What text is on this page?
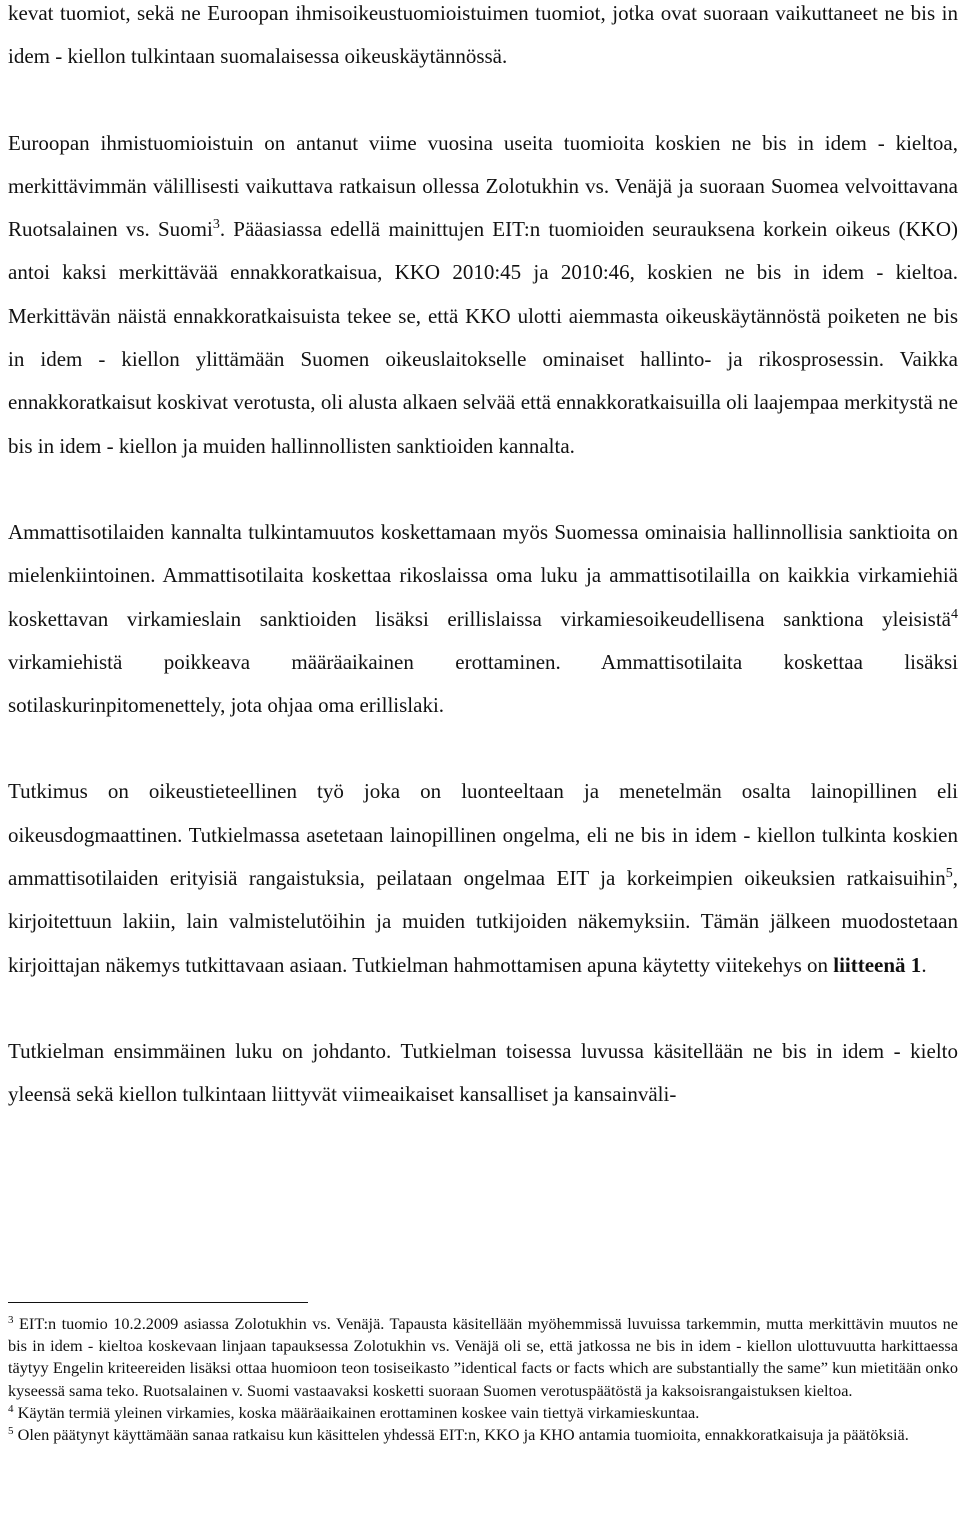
kevat tuomiot, sekä ne Euroopan ihmisoikeustuomioistuimen tuomiot, jotka ovat suoraan vaikuttaneet ne bis in idem - kiellon tulkintaan suomalaisessa oikeuskäytännössä.

Euroopan ihmistuomioistuin on antanut viime vuosina useita tuomioita koskien ne bis in idem - kieltoa, merkittävimmän välillisesti vaikuttava ratkaisun ollessa Zolotukhin vs. Venäjä ja suoraan Suomea velvoittavana Ruotsalainen vs. Suomi$^3$. Pääasiassa edellä mainittujen EIT:n tuomioiden seurauksena korkein oikeus (KKO) antoi kaksi merkittävää ennakkoratkaisua, KKO 2010:45 ja 2010:46, koskien ne bis in idem - kieltoa. Merkittävän näistä ennakkoratkaisuista tekee se, että KKO ulotti aiemmasta oikeuskäytännöstä poiketen ne bis in idem - kiellon ylittämään Suomen oikeuslaitokselle ominaiset hallinto- ja rikosprosessin. Vaikka ennakkoratkaisut koskivat verotusta, oli alusta alkaen selvää että ennakkoratkaisuilla oli laajempaa merkitystä ne bis in idem - kiellon ja muiden hallinnollisten sanktioiden kannalta.

Ammattisotilaiden kannalta tulkintamuutos koskettamaan myös Suomessa ominaisia hallinnollisia sanktioita on mielenkiintoinen. Ammattisotilaita koskettaa rikoslaissa oma luku ja ammattisotilailla on kaikkia virkamiehiä koskettavan virkamieslain sanktioiden lisäksi erillislaissa virkamiesoikeudellisena sanktiona yleisistä$^4$ virkamiehistä poikkeava määräaikainen erottaminen. Ammattisotilaita koskettaa lisäksi sotilaskurinpitomenettely, jota ohjaa oma erillislaki.

Tutkimus on oikeustieteellinen työ joka on luonteeltaan ja menetelmän osalta lainopillinen eli oikeusdogmaattinen. Tutkielmassa asetetaan lainopillinen ongelma, eli ne bis in idem - kiellon tulkinta koskien ammattisotilaiden erityisiä rangaistuksia, peilataan ongelmaa EIT ja korkeimpien oikeuksien ratkaisuihin$^5$, kirjoitettuun lakiin, lain valmistelutöihin ja muiden tutkijoiden näkemyksiin. Tämän jälkeen muodostetaan kirjoittajan näkemys tutkittavaan asiaan. Tutkielman hahmottamisen apuna käytetty viitekehys on liitteenä 1.

Tutkielman ensimmäinen luku on johdanto. Tutkielman toisessa luvussa käsitellään ne bis in idem - kielto yleensä sekä kiellon tulkintaan liittyvät viimeaikaiset kansalliset ja kansainväli-

$^3$ EIT:n tuomio 10.2.2009 asiassa Zolotukhin vs. Venäjä. Tapausta käsitellään myöhemmissä luvuissa tarkemmin, mutta merkittävin muutos ne bis in idem - kieltoa koskevaan linjaan tapauksessa Zolotukhin vs. Venäjä oli se, että jatkossa ne bis in idem - kiellon ulottuvuutta harkittaessa täytyy Engelin kriteereiden lisäksi ottaa huomioon teon tosiseikasto ”identical facts or facts which are substantially the same” kun mietitään onko kyseessä sama teko. Ruotsalainen v. Suomi vastaavaksi kosketti suoraan Suomen verotuspäätöstä ja kaksoisrangaistuksen kieltoa.

$^4$ Käytän termiä yleinen virkamies, koska määräaikainen erottaminen koskee vain tiettyä virkamieskuntaa.

$^5$ Olen päätynyt käyttämään sanaa ratkaisu kun käsittelen yhdessä EIT:n, KKO ja KHO antamia tuomioita, ennakkoratkaisuja ja päätöksiä.
